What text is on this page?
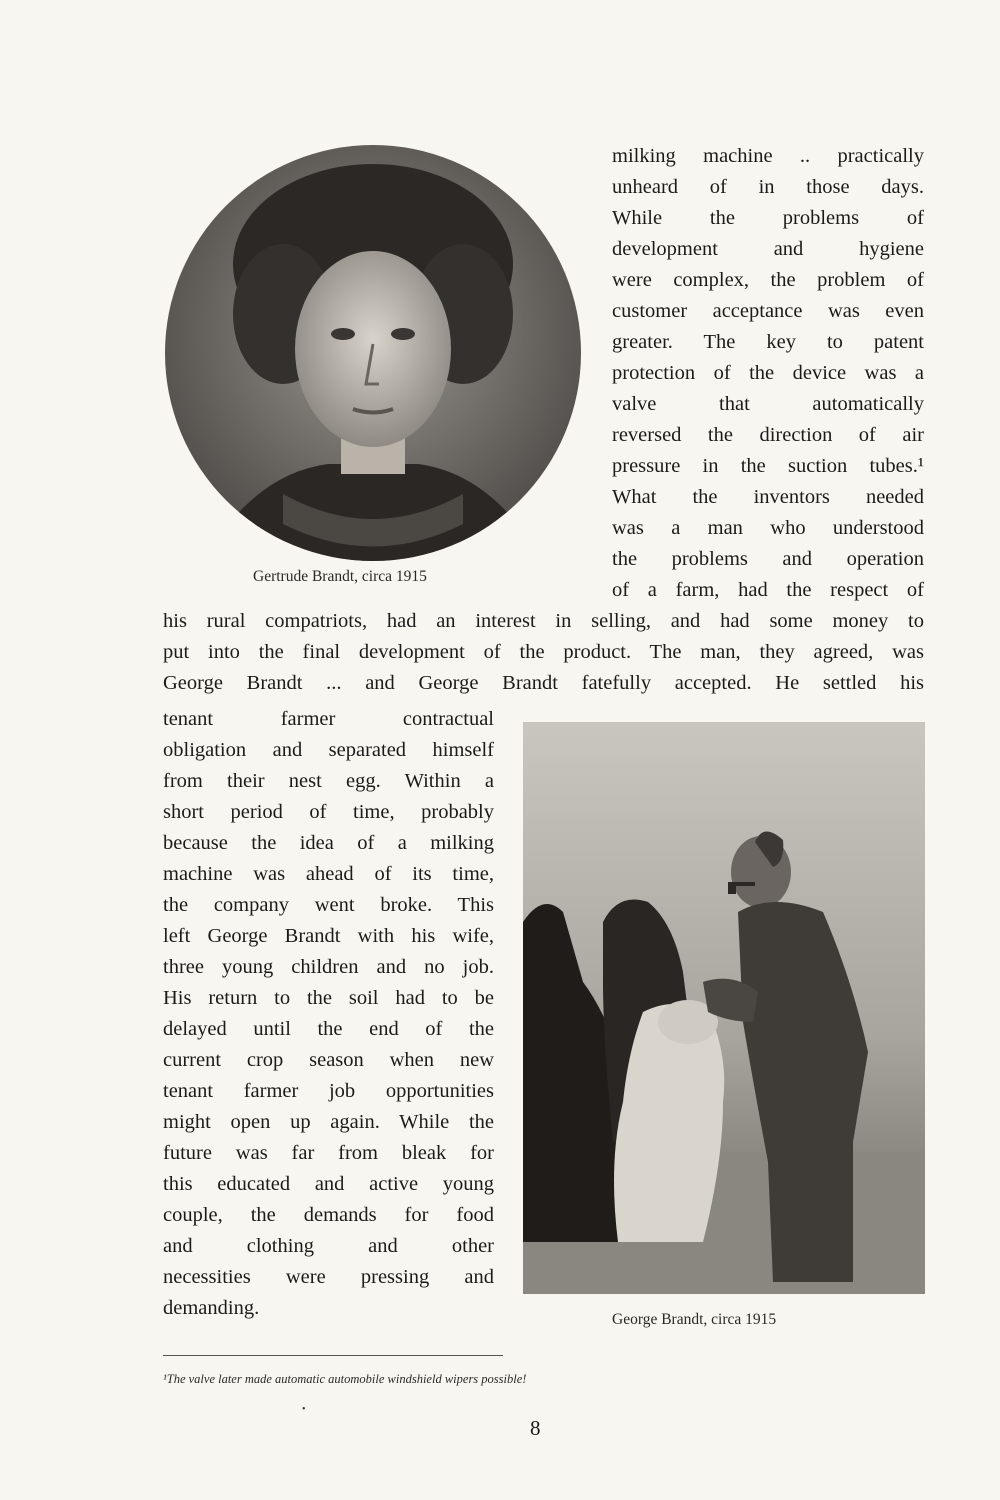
Gertrude Brandt, circa 1915
milking machine .. practically
unheard of in those days.
While the problems of
development and hygiene
were complex, the problem of
customer acceptance was even
greater. The key to patent
protection of the device was a
valve that automatically
reversed the direction of air
pressure in the suction tubes.¹
What the inventors needed
was a man who understood
the problems and operation
of a farm, had the respect of
his rural compatriots, had an interest in selling, and had some money to
put into the final development of the product. The man, they agreed, was
George Brandt ... and George Brandt fatefully accepted. He settled his
George Brandt, circa 1915
tenant farmer contractual
obligation and separated himself
from their nest egg. Within a
short period of time, probably
because the idea of a milking
machine was ahead of its time,
the company went broke. This
left George Brandt with his wife,
three young children and no job.
His return to the soil had to be
delayed until the end of the
current crop season when new
tenant farmer job opportunities
might open up again. While the
future was far from bleak for
this educated and active young
couple, the demands for food
and clothing and other
necessities were pressing and
demanding.
¹The valve later made automatic automobile windshield wipers possible!
•
8
